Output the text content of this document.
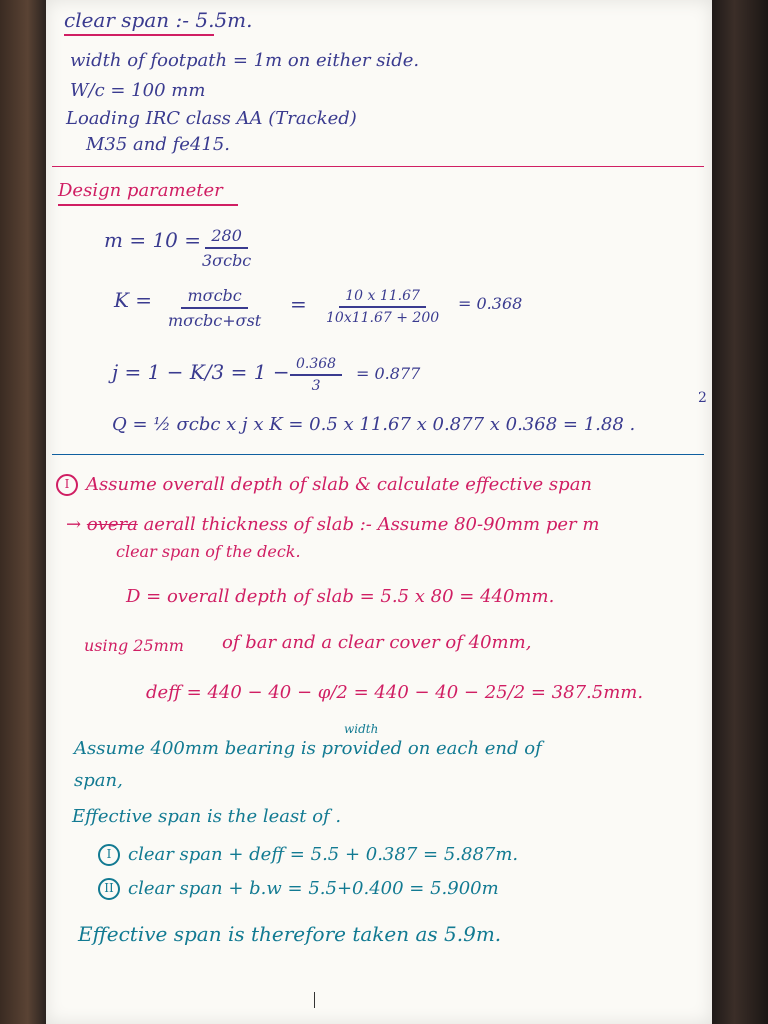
clear span :- 5.5m.
width of footpath = 1m on either side.
W/c = 100 mm
Loading IRC class AA (Tracked)
M35 and fe415.
Design parameter
m = 10 = 280
3σcbc
K =	mσcbc
mσcbc+σst
= $\frac{10 x 11.67}{10x11.67 + 200} = 0.368$
$j = 1 - K/3 = 1 - \frac{0.368}{3} = 0.877$
Q = ½ σcbc x j x K = 0.5 x 11.67 x 0.877 x 0.368 = 1.88 .
2
I Assume overall depth of slab & calculate effective span
→ overa aerall thickness of slab :- Assume 80-90mm per m
clear span of the deck.
D = overall depth of slab = 5.5 x 80 = 440mm.
using 25mm of bar and a clear cover of 40mm,
deff = 440 − 40 − φ/2 = 440 − 40 − 25/2 = 387.5mm.
width
Assume 400mm bearing is provided on each end of
span,
Effective span is the least of .
I clear span + deff = 5.5 + 0.387 = 5.887m.
II clear span + b.w = 5.5+0.400 = 5.900m
Effective span is therefore taken as 5.9m.
